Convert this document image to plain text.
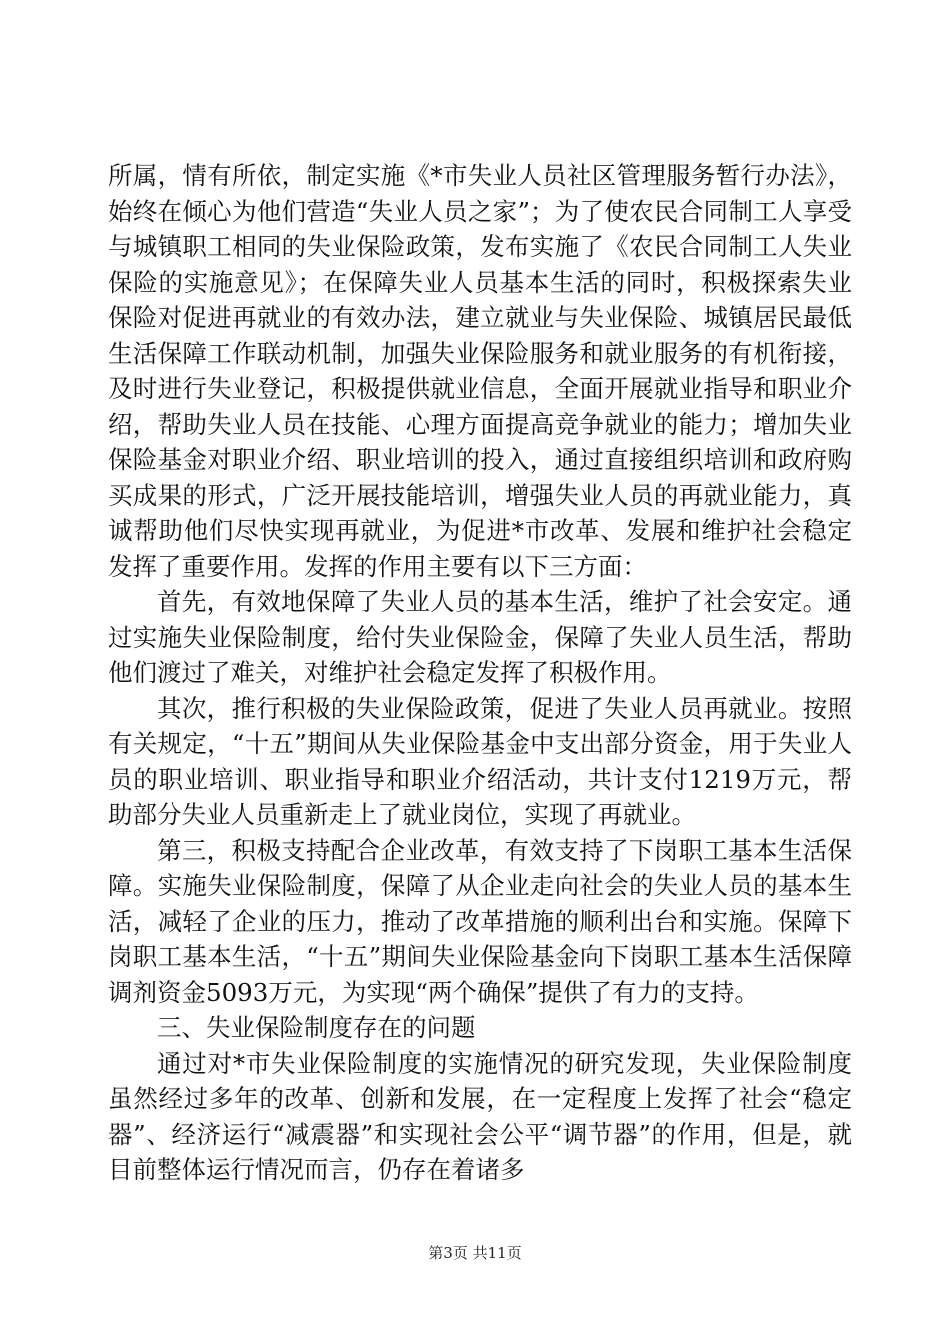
所属，情有所依，制定实施《*市失业人员社区管理服务暂行办法》，始终在倾心为他们营造“失业人员之家”；为了使农民合同制工人享受与城镇职工相同的失业保险政策，发布实施了《农民合同制工人失业保险的实施意见》；在保障失业人员基本生活的同时，积极探索失业保险对促进再就业的有效办法，建立就业与失业保险、城镇居民最低生活保障工作联动机制，加强失业保险服务和就业服务的有机衔接，及时进行失业登记，积极提供就业信息，全面开展就业指导和职业介绍，帮助失业人员在技能、心理方面提高竞争就业的能力；增加失业保险基金对职业介绍、职业培训的投入，通过直接组织培训和政府购买成果的形式，广泛开展技能培训，增强失业人员的再就业能力，真诚帮助他们尽快实现再就业，为促进*市改革、发展和维护社会稳定发挥了重要作用。发挥的作用主要有以下三方面：

首先，有效地保障了失业人员的基本生活，维护了社会安定。通过实施失业保险制度，给付失业保险金，保障了失业人员生活，帮助他们渡过了难关，对维护社会稳定发挥了积极作用。

其次，推行积极的失业保险政策，促进了失业人员再就业。按照有关规定，“十五”期间从失业保险基金中支出部分资金，用于失业人员的职业培训、职业指导和职业介绍活动，共计支付1219万元，帮助部分失业人员重新走上了就业岗位，实现了再就业。

第三，积极支持配合企业改革，有效支持了下岗职工基本生活保障。实施失业保险制度，保障了从企业走向社会的失业人员的基本生活，减轻了企业的压力，推动了改革措施的顺利出台和实施。保障下岗职工基本生活，“十五”期间失业保险基金向下岗职工基本生活保障调剂资金5093万元，为实现“两个确保”提供了有力的支持。

三、失业保险制度存在的问题

通过对*市失业保险制度的实施情况的研究发现，失业保险制度虽然经过多年的改革、创新和发展，在一定程度上发挥了社会“稳定器”、经济运行“减震器”和实现社会公平“调节器”的作用，但是，就目前整体运行情况而言，仍存在着诸多

第3页 共11页
